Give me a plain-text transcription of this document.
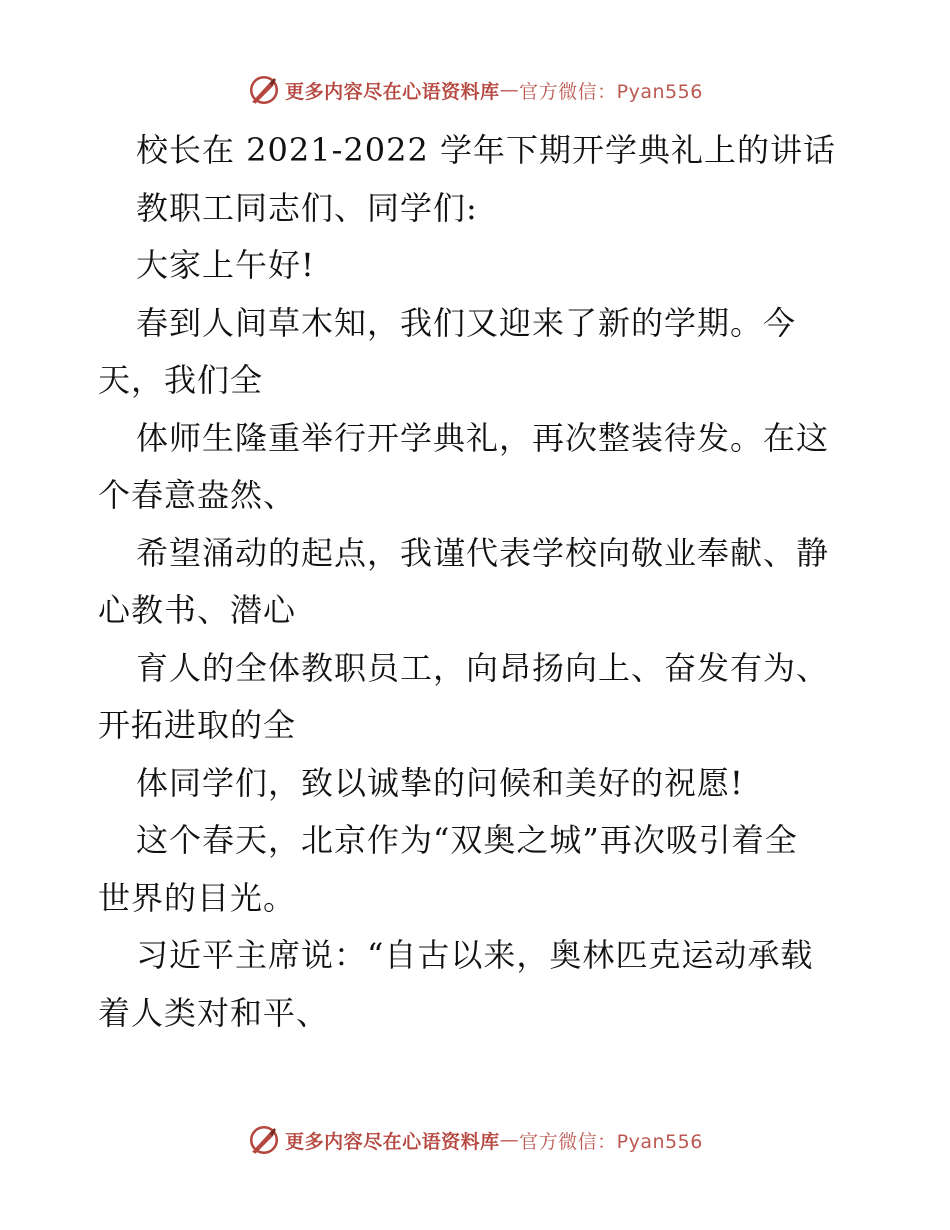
更多内容尽在心语资料库 — 官方微信：Pyan556
校长在 2021-2022 学年下期开学典礼上的讲话
教职工同志们、同学们:
大家上午好!
春到人间草木知，我们又迎来了新的学期。今
天，我们全
体师生隆重举行开学典礼，再次整装待发。在这
个春意盎然、
希望涌动的起点，我谨代表学校向敬业奉献、静
心教书、潜心
育人的全体教职员工，向昂扬向上、奋发有为、
开拓进取的全
体同学们，致以诚挚的问候和美好的祝愿!
这个春天，北京作为“双奥之城”再次吸引着全
世界的目光。
习近平主席说：“自古以来，奥林匹克运动承载
着人类对和平、
更多内容尽在心语资料库 — 官方微信：Pyan556
